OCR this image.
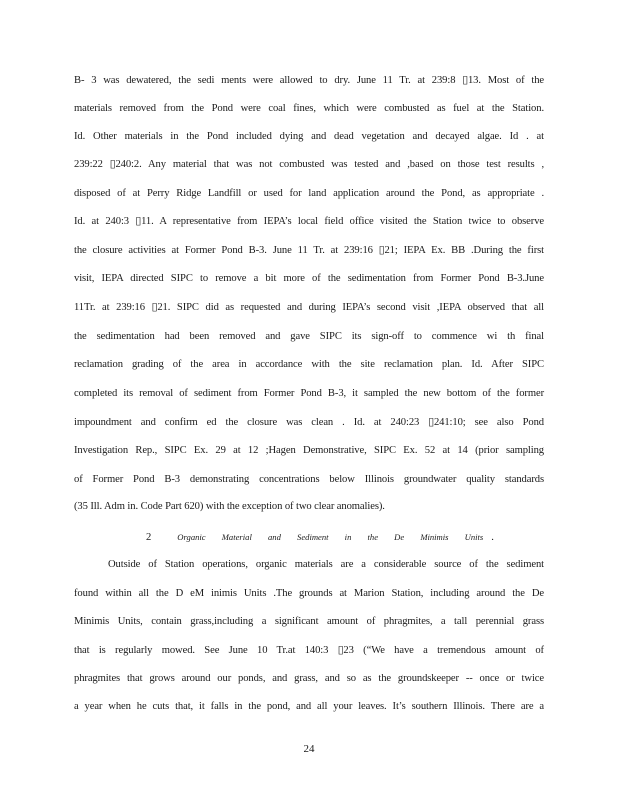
B- 3 was dewatered, the sedi ments were allowed to dry. June 11 Tr. at 239:8 ▯13. Most of the
materials removed from the Pond were coal fines, which were combusted as fuel at the Station.
Id. Other materials in the Pond included dying and dead vegetation and decayed algae. Id . at
239:22 ▯240:2. Any material that was not combusted was tested and ,based on those test results ,
disposed of at Perry Ridge Landfill or used for land application around the Pond, as appropriate .
Id. at 240:3 ▯11. A representative from IEPA’s local field office visited the Station twice to observe
the closure activities at Former Pond B-3. June 11 Tr. at 239:16 ▯21; IEPA Ex. BB .During the first
visit, IEPA directed SIPC to remove a bit more of the sedimentation from Former Pond B-3.June
11Tr. at 239:16 ▯21. SIPC did as requested and during IEPA’s second visit ,IEPA observed that all
the sedimentation had been removed and gave SIPC its sign-off to commence wi th final
reclamation grading of the area in accordance with the site reclamation plan. Id. After SIPC
completed its removal of sediment from Former Pond B-3, it sampled the new bottom of the former
impoundment and confirm ed the closure was clean . Id. at 240:23 ▯241:10; see also Pond
Investigation Rep., SIPC Ex. 29 at 12 ;Hagen Demonstrative, SIPC Ex. 52 at 14 (prior sampling
of Former Pond B-3 demonstrating concentrations below Illinois groundwater quality standards
(35 Ill. Adm in. Code Part 620) with the exception of two clear anomalies).
2	Organic Material and Sediment in the De Minimis Units .
Outside of Station operations, organic materials are a considerable source of the sediment
found within all the D eM inimis Units .The grounds at Marion Station, including around the De
Minimis Units, contain grass,including a significant amount of phragmites, a tall perennial grass
that is regularly mowed. See June 10 Tr.at 140:3 ▯23 (“We have a tremendous amount of
phragmites that grows around our ponds, and grass, and so as the groundskeeper -- once or twice
a year when he cuts that, it falls in the pond, and all your leaves. It’s southern Illinois. There are a
24
